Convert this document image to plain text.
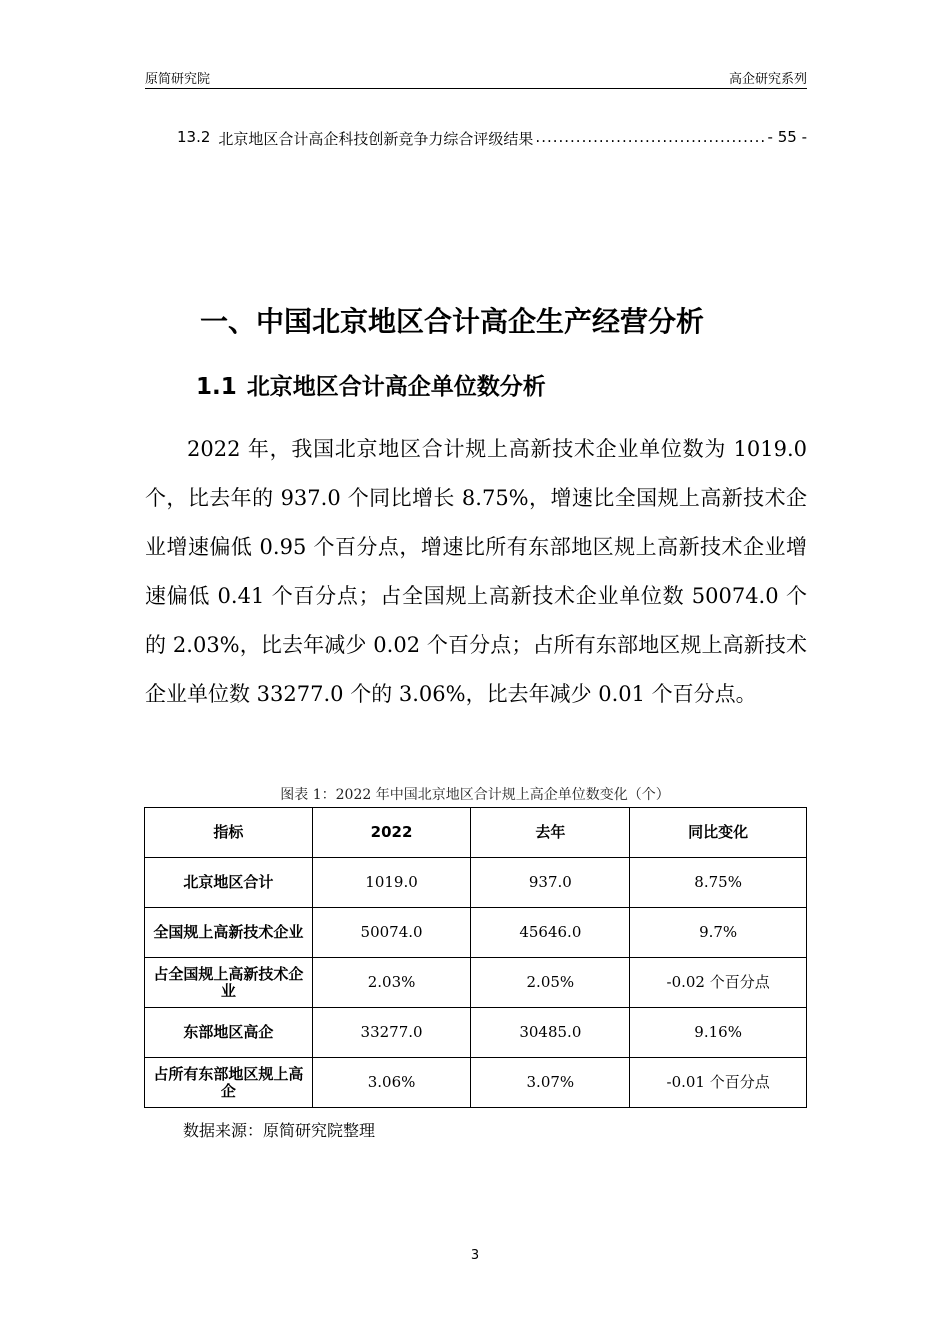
原简研究院	高企研究系列
13.2 北京地区合计高企科技创新竞争力综合评级结果 .....	- 55 -
一、中国北京地区合计高企生产经营分析
1.1 北京地区合计高企单位数分析
2022 年，我国北京地区合计规上高新技术企业单位数为 1019.0 个，比去年的 937.0 个同比增长 8.75%，增速比全国规上高新技术企业增速偏低 0.95 个百分点，增速比所有东部地区规上高新技术企业增速偏低 0.41 个百分点；占全国规上高新技术企业单位数 50074.0 个的 2.03%，比去年减少 0.02 个百分点；占所有东部地区规上高新技术企业单位数 33277.0 个的 3.06%，比去年减少 0.01 个百分点。
图表 1：2022 年中国北京地区合计规上高企单位数变化（个）
指标	2022	去年	同比变化
北京地区合计	1019.0	937.0	8.75%
全国规上高新技术企业	50074.0	45646.0	9.7%
占全国规上高新技术企业	2.03%	2.05%	-0.02 个百分点
东部地区高企	33277.0	30485.0	9.16%
占所有东部地区规上高企	3.06%	3.07%	-0.01 个百分点
数据来源：原简研究院整理
3
